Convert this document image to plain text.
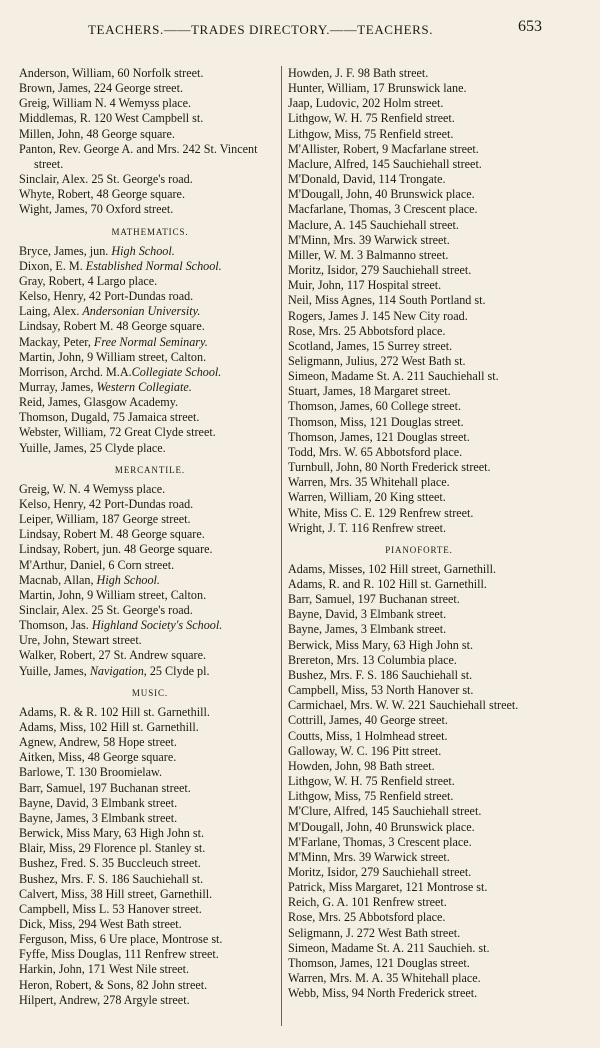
TEACHERS.——TRADES DIRECTORY.——TEACHERS.	653
Anderson, William, 60 Norfolk street.
Brown, James, 224 George street.
Greig, William N. 4 Wemyss place.
Middlemas, R. 120 West Campbell st.
Millen, John, 48 George square.
Panton, Rev. George A. and Mrs. 242 St. Vincent street.
Sinclair, Alex. 25 St. George's road.
Whyte, Robert, 48 George square.
Wight, James, 70 Oxford street.
MATHEMATICS.
Bryce, James, jun. High School.
Dixon, E. M. Established Normal School.
Gray, Robert, 4 Largo place.
Kelso, Henry, 42 Port-Dundas road.
Laing, Alex. Andersonian University.
Lindsay, Robert M. 48 George square.
Mackay, Peter, Free Normal Seminary.
Martin, John, 9 William street, Calton.
Morrison, Archd. M.A.Collegiate School.
Murray, James, Western Collegiate.
Reid, James, Glasgow Academy.
Thomson, Dugald, 75 Jamaica street.
Webster, William, 72 Great Clyde street.
Yuille, James, 25 Clyde place.
MERCANTILE.
Greig, W. N. 4 Wemyss place.
Kelso, Henry, 42 Port-Dundas road.
Leiper, William, 187 George street.
Lindsay, Robert M. 48 George square.
Lindsay, Robert, jun. 48 George square.
M'Arthur, Daniel, 6 Corn street.
Macnab, Allan, High School.
Martin, John, 9 William street, Calton.
Sinclair, Alex. 25 St. George's road.
Thomson, Jas. Highland Society's School.
Ure, John, Stewart street.
Walker, Robert, 27 St. Andrew square.
Yuille, James, Navigation, 25 Clyde pl.
MUSIC.
Adams, R. & R. 102 Hill st. Garnethill.
Adams, Miss, 102 Hill st. Garnethill.
Agnew, Andrew, 58 Hope street.
Aitken, Miss, 48 George square.
Barlowe, T. 130 Broomielaw.
Barr, Samuel, 197 Buchanan street.
Bayne, David, 3 Elmbank street.
Bayne, James, 3 Elmbank street.
Berwick, Miss Mary, 63 High John st.
Blair, Miss, 29 Florence pl. Stanley st.
Bushez, Fred. S. 35 Buccleuch street.
Bushez, Mrs. F. S. 186 Sauchiehall st.
Calvert, Miss, 38 Hill street, Garnethill.
Campbell, Miss L. 53 Hanover street.
Dick, Miss, 294 West Bath street.
Ferguson, Miss, 6 Ure place, Montrose st.
Fyffe, Miss Douglas, 111 Renfrew street.
Harkin, John, 171 West Nile street.
Heron, Robert, & Sons, 82 John street.
Hilpert, Andrew, 278 Argyle street.
Howden, J. F. 98 Bath street.
Hunter, William, 17 Brunswick lane.
Jaap, Ludovic, 202 Holm street.
Lithgow, W. H. 75 Renfield street.
Lithgow, Miss, 75 Renfield street.
M'Allister, Robert, 9 Macfarlane street.
Maclure, Alfred, 145 Sauchiehall street.
M'Donald, David, 114 Trongate.
M'Dougall, John, 40 Brunswick place.
Macfarlane, Thomas, 3 Crescent place.
Maclure, A. 145 Sauchiehall street.
M'Minn, Mrs. 39 Warwick street.
Miller, W. M. 3 Balmanno street.
Moritz, Isidor, 279 Sauchiehall street.
Muir, John, 117 Hospital street.
Neil, Miss Agnes, 114 South Portland st.
Rogers, James J. 145 New City road.
Rose, Mrs. 25 Abbotsford place.
Scotland, James, 15 Surrey street.
Seligmann, Julius, 272 West Bath st.
Simeon, Madame St. A. 211 Sauchiehall st.
Stuart, James, 18 Margaret street.
Thomson, James, 60 College street.
Thomson, Miss, 121 Douglas street.
Thomson, James, 121 Douglas street.
Todd, Mrs. W. 65 Abbotsford place.
Turnbull, John, 80 North Frederick street.
Warren, Mrs. 35 Whitehall place.
Warren, William, 20 King stteet.
White, Miss C. E. 129 Renfrew street.
Wright, J. T. 116 Renfrew street.
PIANOFORTE.
Adams, Misses, 102 Hill street, Garnethill.
Adams, R. and R. 102 Hill st. Garnethill.
Barr, Samuel, 197 Buchanan street.
Bayne, David, 3 Elmbank street.
Bayne, James, 3 Elmbank street.
Berwick, Miss Mary, 63 High John st.
Brereton, Mrs. 13 Columbia place.
Bushez, Mrs. F. S. 186 Sauchiehall st.
Campbell, Miss, 53 North Hanover st.
Carmichael, Mrs. W. W. 221 Sauchiehall street.
Cottrill, James, 40 George street.
Coutts, Miss, 1 Holmhead street.
Galloway, W. C. 196 Pitt street.
Howden, John, 98 Bath street.
Lithgow, W. H. 75 Renfield street.
Lithgow, Miss, 75 Renfield street.
M'Clure, Alfred, 145 Sauchiehall street.
M'Dougall, John, 40 Brunswick place.
M'Farlane, Thomas, 3 Crescent place.
M'Minn, Mrs. 39 Warwick street.
Moritz, Isidor, 279 Sauchiehall street.
Patrick, Miss Margaret, 121 Montrose st.
Reich, G. A. 101 Renfrew street.
Rose, Mrs. 25 Abbotsford place.
Seligmann, J. 272 West Bath street.
Simeon, Madame St. A. 211 Sauchieh. st.
Thomson, James, 121 Douglas street.
Warren, Mrs. M. A. 35 Whitehall place.
Webb, Miss, 94 North Frederick street.
